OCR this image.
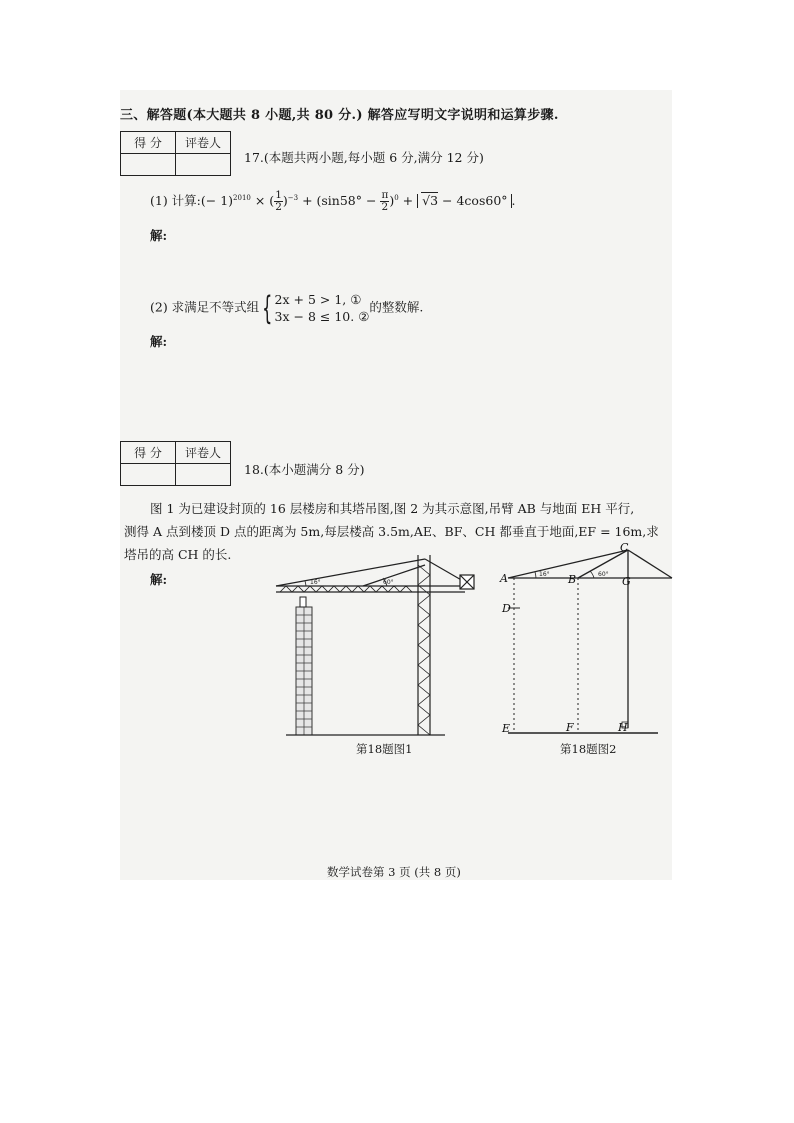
三、解答题(本大题共 8 小题,共 80 分.) 解答应写明文字说明和运算步骤.
得 分	评卷人

17.(本题共两小题,每小题 6 分,满分 12 分)
(1) 计算:(− 1)$^{2010}$ × ( $\frac{1}{2} )^{-3} + (\sin 58^\circ - \frac{\pi}{2} )^0 + √3 - 4\cos 60^\circ$ .
解:
(2) 求满足不等式组 { 2x + 5 > 1, ①
3x − 8 ≤ 10. ②
的整数解.
解:
得 分	评卷人

18.(本小题满分 8 分)
图 1 为已建设封顶的 16 层楼房和其塔吊图,图 2 为其示意图,吊臂 AB 与地面 EH 平行,
测得 A 点到楼顶 D 点的距离为 5m,每层楼高 3.5m,AE、BF、CH 都垂直于地面,EF = 16m,求
塔吊的高 CH 的长.
解:	16°	60°
第18题图1
C
A	B	G
D
E	F	H
16°	60°
第18题图2
数学试卷第 3 页 (共 8 页)
